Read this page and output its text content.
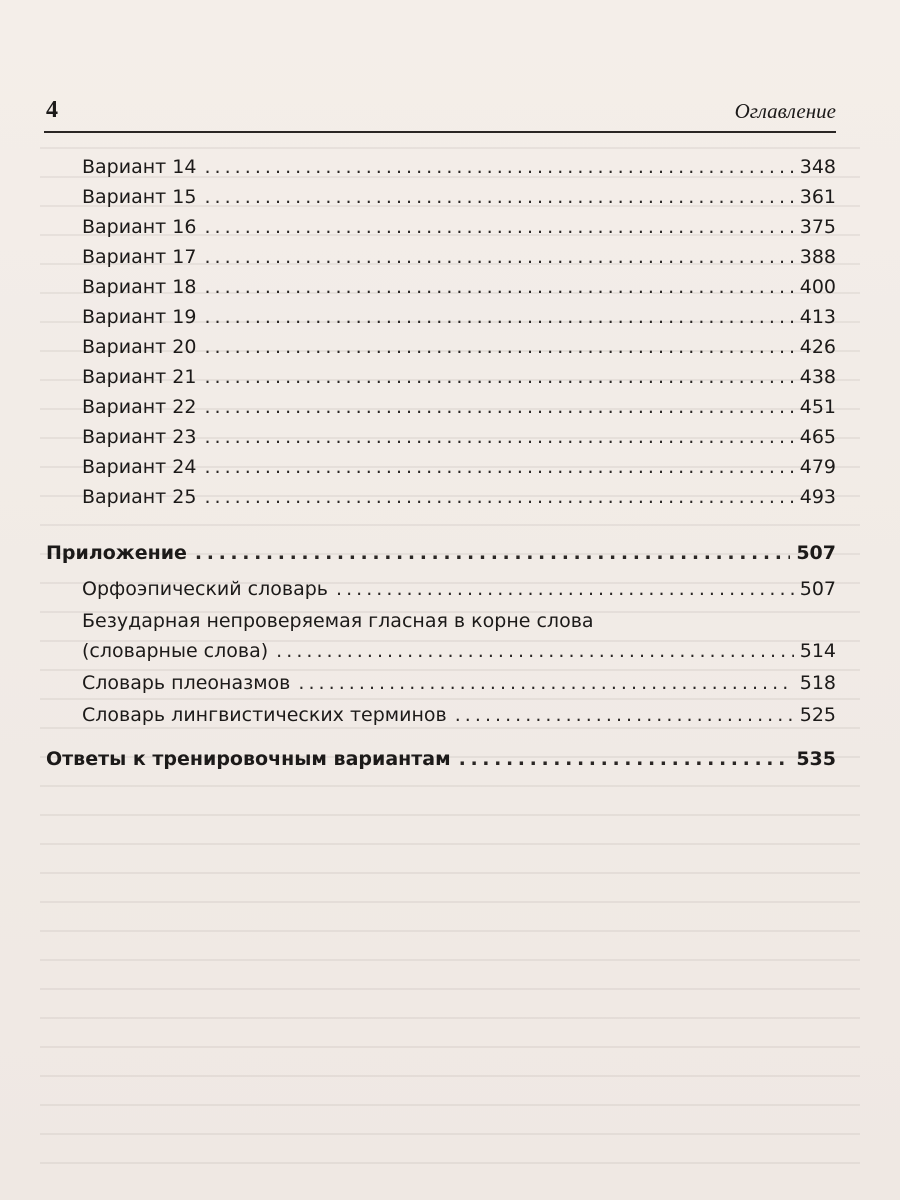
4	Оглавление
Вариант 14 . . .	348
Вариант 15 . . .	361
Вариант 16 . . .	375
Вариант 17 . . .	388
Вариант 18 . . .	400
Вариант 19 . . .	413
Вариант 20 . . .	426
Вариант 21 . . .	438
Вариант 22 . . .	451
Вариант 23 . . .	465
Вариант 24 . . .	479
Вариант 25 . . .	493
Приложение . . .	507
Орфоэпический словарь . . .	507
Безударная непроверяемая гласная в корне слова
(словарные слова) . . .	514
Словарь плеоназмов . . .	518
Словарь лингвистических терминов . . .	525
Ответы к тренировочным вариантам . . .	535
